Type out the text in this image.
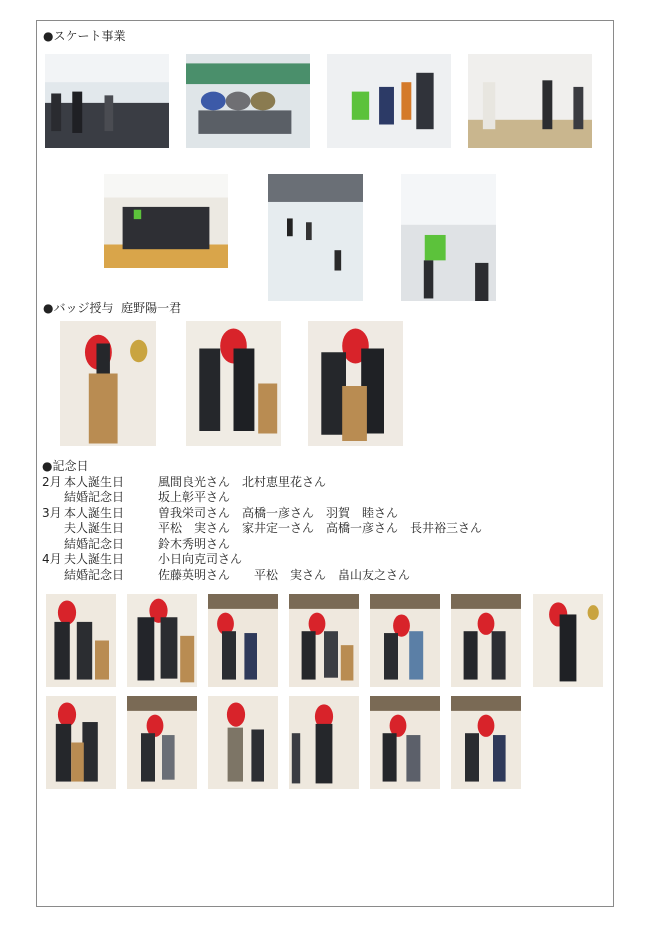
●スケート事業
●バッジ授与 庭野陽一君
●記念日
2月 本人誕生日	風間良光さん　北村恵里花さん
結婚記念日	坂上彰平さん
3月 本人誕生日	曽我栄司さん　高橋一彦さん　羽賀　睦さん
夫人誕生日	平松　実さん　家井定一さん　高橋一彦さん　長井裕三さん
結婚記念日	鈴木秀明さん
4月 夫人誕生日	小日向克司さん
結婚記念日	佐藤英明さん　　平松　実さん　畠山友之さん
